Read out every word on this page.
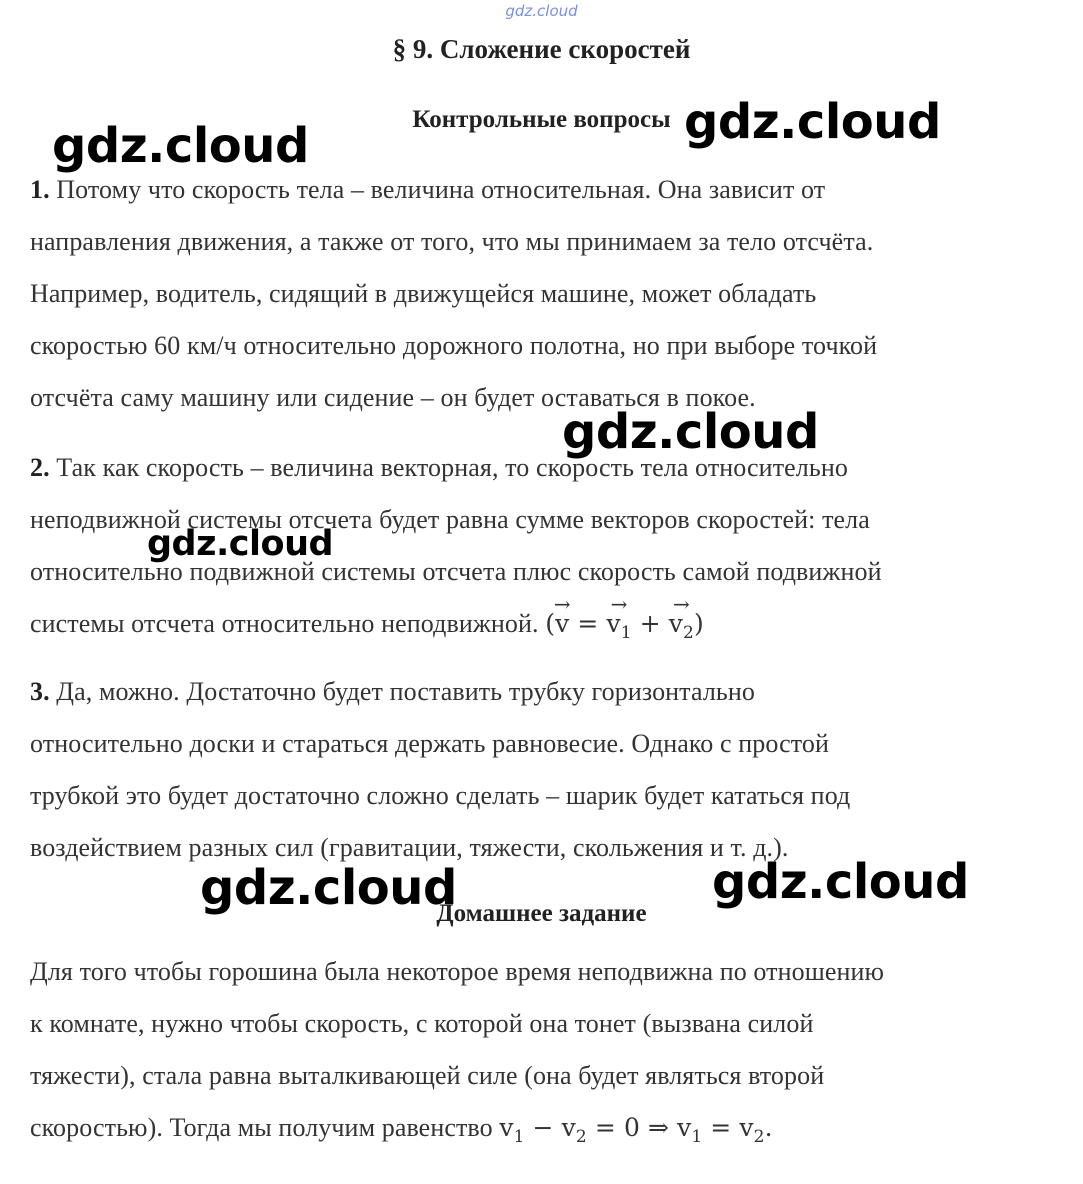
gdz.cloud
§ 9. Сложение скоростей
Контрольные вопросы
1. Потому что скорость тела – величина относительная. Она зависит от
направления движения, а также от того, что мы принимаем за тело отсчёта.
Например, водитель, сидящий в движущейся машине, может обладать
скоростью 60 км/ч относительно дорожного полотна, но при выборе точкой
отсчёта саму машину или сидение – он будет оставаться в покое.
2. Так как скорость – величина векторная, то скорость тела относительно
неподвижной системы отсчета будет равна сумме векторов скоростей: тела
относительно подвижной системы отсчета плюс скорость самой подвижной
системы отсчета относительно неподвижной. (→ v = → $v_1$ + → $v_2$)
3. Да, можно. Достаточно будет поставить трубку горизонтально
относительно доски и стараться держать равновесие. Однако с простой
трубкой это будет достаточно сложно сделать – шарик будет кататься под
воздействием разных сил (гравитации, тяжести, скольжения и т. д.).
Домашнее задание
Для того чтобы горошина была некоторое время неподвижна по отношению
к комнате, нужно чтобы скорость, с которой она тонет (вызвана силой
тяжести), стала равна выталкивающей силе (она будет являться второй
скоростью). Тогда мы получим равенство $v_1 - v_2 = 0$ ⇒ $v_1 = v_2$.
gdz.cloud	gdz.cloud
gdz.cloud
gdz.cloud
gdz.cloud	gdz.cloud
